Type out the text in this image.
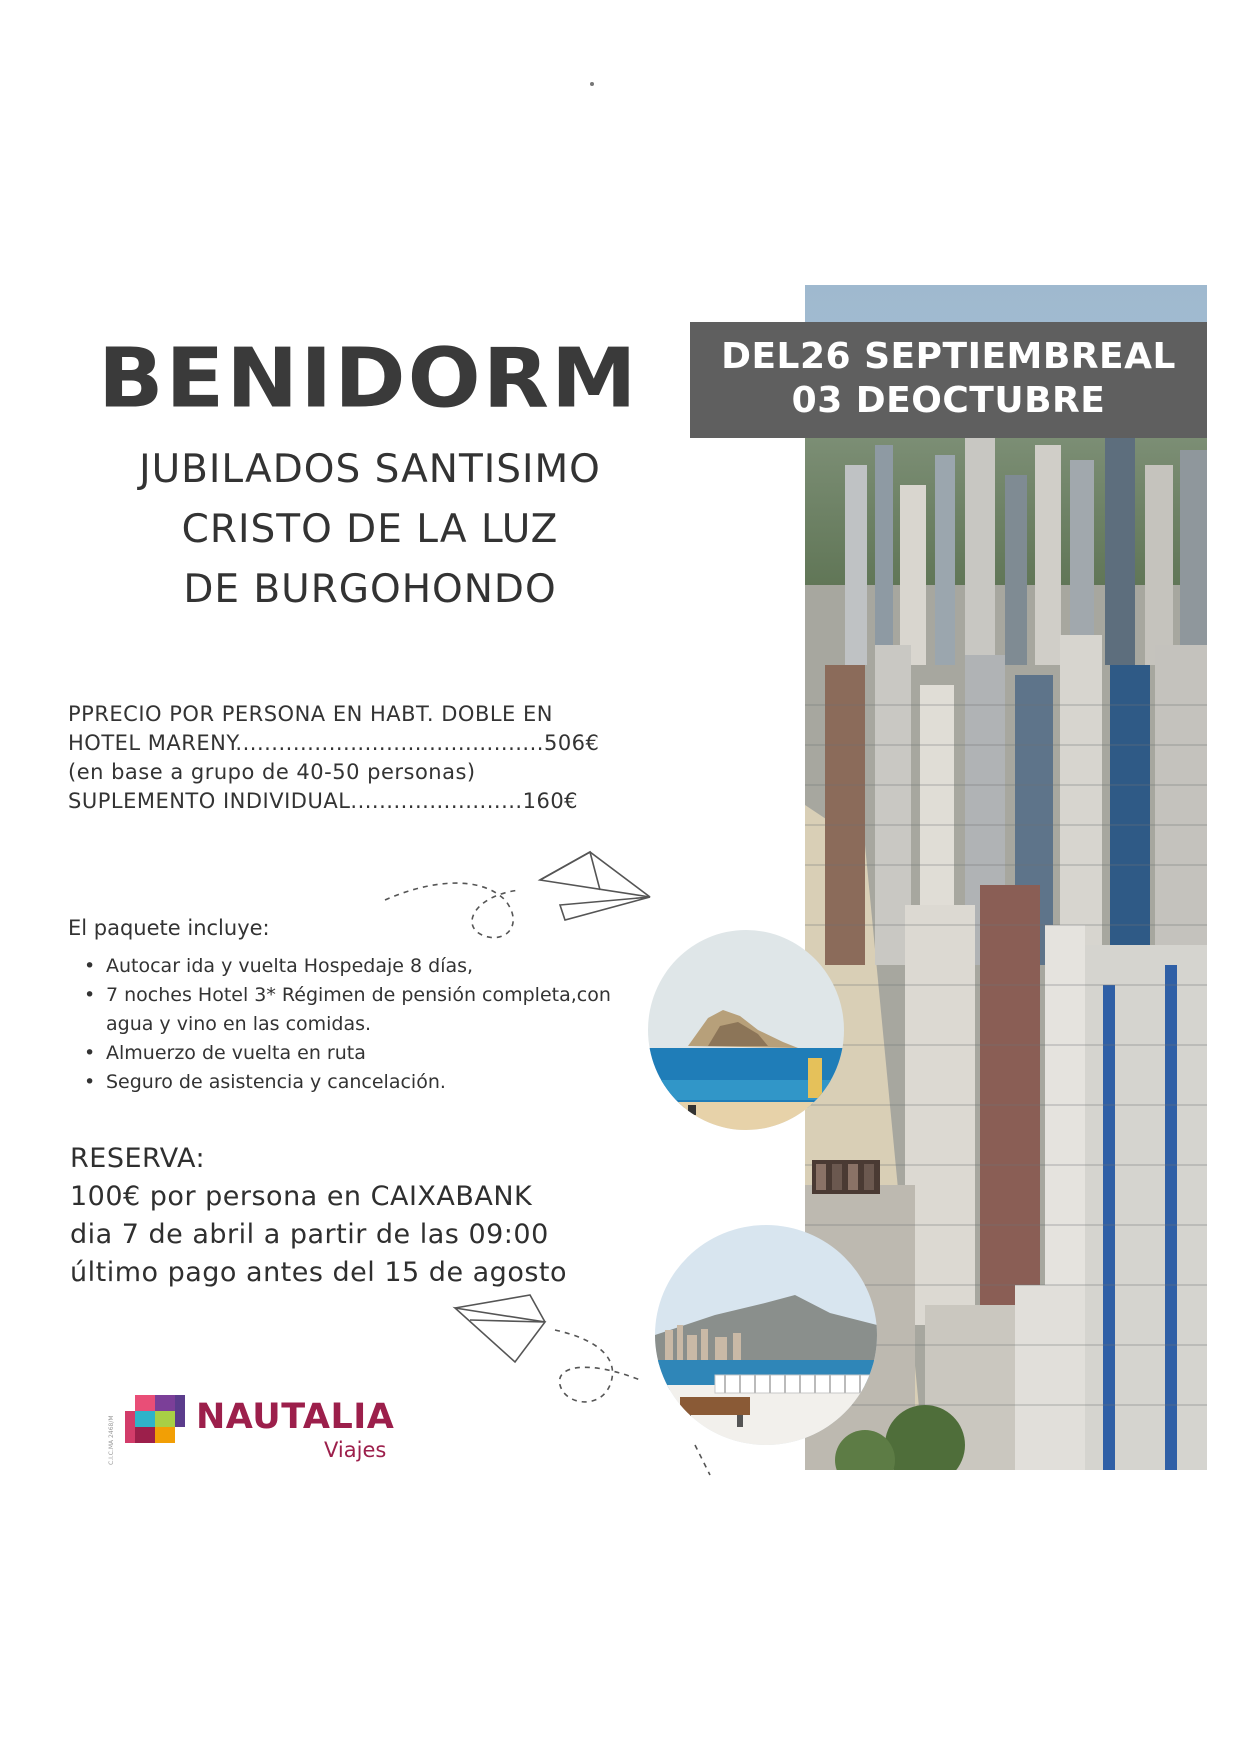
BENIDORM
JUBILADOS SANTISIMO
CRISTO DE LA LUZ
DE BURGOHONDO
PPRECIO POR PERSONA EN HABT. DOBLE EN
HOTEL MARENY...........................................506€
(en base a grupo de 40-50 personas)
SUPLEMENTO INDIVIDUAL........................160€
El paquete incluye:
• Autocar ida y vuelta Hospedaje 8 días,
• 7 noches Hotel 3* Régimen de pensión completa,con agua y vino en las comidas.
• Almuerzo de vuelta en ruta
• Seguro de asistencia y cancelación.
RESERVA:
100€ por persona en CAIXABANK
dia 7 de abril a partir de las 09:00
último pago antes del 15 de agosto
C.I.C.MA 2468/M NAUTALIA
Viajes
DEL26 SEPTIEMBREAL
03 DEOCTUBRE
